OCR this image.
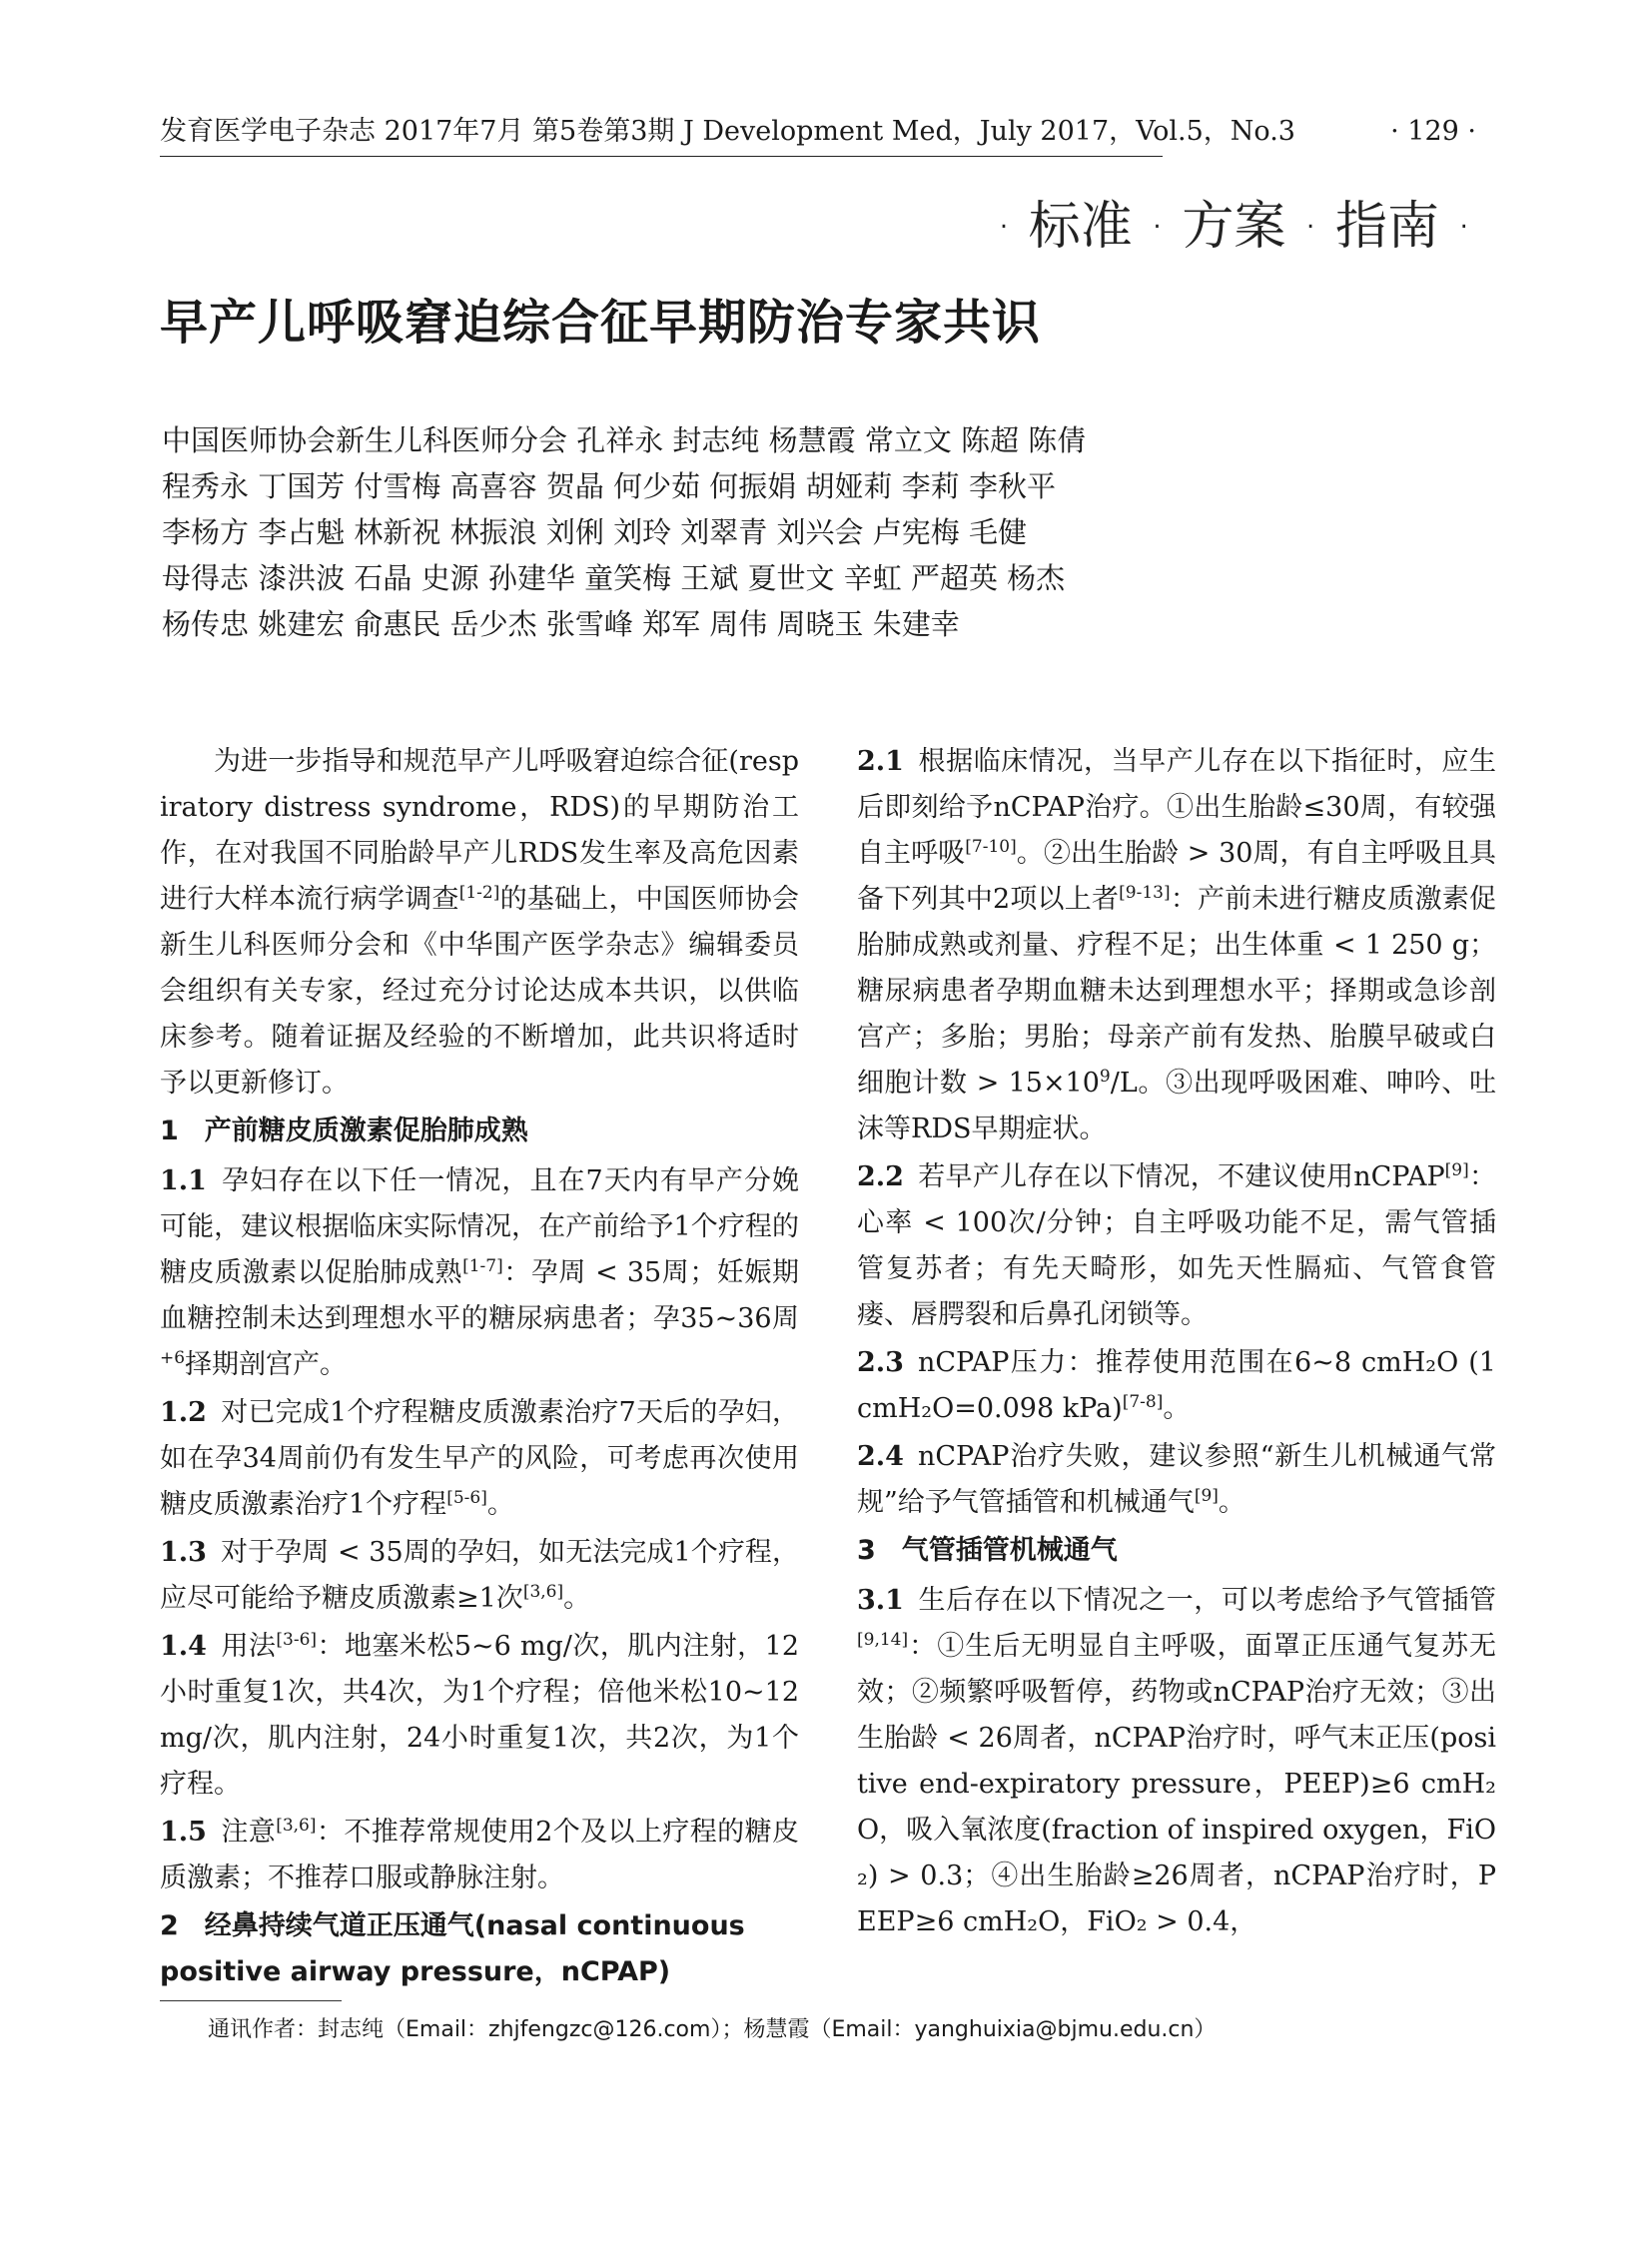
发育医学电子杂志 2017年7月 第5卷第3期 J Development Med，July 2017，Vol.5，No.3	· 129 ·
· 标准 · 方案 · 指南 ·
早产儿呼吸窘迫综合征早期防治专家共识
中国医师协会新生儿科医师分会 孔祥永 封志纯 杨慧霞 常立文 陈超 陈倩
程秀永 丁国芳 付雪梅 高喜容 贺晶 何少茹 何振娟 胡娅莉 李莉 李秋平
李杨方 李占魁 林新祝 林振浪 刘俐 刘玲 刘翠青 刘兴会 卢宪梅 毛健
母得志 漆洪波 石晶 史源 孙建华 童笑梅 王斌 夏世文 辛虹 严超英 杨杰
杨传忠 姚建宏 俞惠民 岳少杰 张雪峰 郑军 周伟 周晓玉 朱建幸

为进一步指导和规范早产儿呼吸窘迫综合征(respiratory distress syndrome，RDS)的早期防治工作，在对我国不同胎龄早产儿RDS发生率及高危因素进行大样本流行病学调查[1-2]的基础上，中国医师协会新生儿科医师分会和《中华围产医学杂志》编辑委员会组织有关专家，经过充分讨论达成本共识，以供临床参考。随着证据及经验的不断增加，此共识将适时予以更新修订。

1 产前糖皮质激素促胎肺成熟

1.1 孕妇存在以下任一情况，且在7天内有早产分娩可能，建议根据临床实际情况，在产前给予1个疗程的糖皮质激素以促胎肺成熟[1-7]：孕周 < 35周；妊娠期血糖控制未达到理想水平的糖尿病患者；孕35~36周$^{+6}$择期剖宫产。

1.2 对已完成1个疗程糖皮质激素治疗7天后的孕妇，如在孕34周前仍有发生早产的风险，可考虑再次使用糖皮质激素治疗1个疗程[5-6]。

1.3 对于孕周 < 35周的孕妇，如无法完成1个疗程，应尽可能给予糖皮质激素≥1次[3,6]。

1.4 用法[3-6]：地塞米松5~6 mg/次，肌内注射，12小时重复1次，共4次，为1个疗程；倍他米松10~12 mg/次，肌内注射，24小时重复1次，共2次，为1个疗程。

1.5 注意[3,6]：不推荐常规使用2个及以上疗程的糖皮质激素；不推荐口服或静脉注射。

2 经鼻持续气道正压通气(nasal continuous positive airway pressure，nCPAP)

2.1 根据临床情况，当早产儿存在以下指征时，应生后即刻给予nCPAP治疗。①出生胎龄≤30周，有较强自主呼吸[7-10]。②出生胎龄 > 30周，有自主呼吸且具备下列其中2项以上者[9-13]：产前未进行糖皮质激素促胎肺成熟或剂量、疗程不足；出生体重 < 1 250 g；糖尿病患者孕期血糖未达到理想水平；择期或急诊剖宫产；多胎；男胎；母亲产前有发热、胎膜早破或白细胞计数 > $15\times 10^9/L$。③出现呼吸困难、呻吟、吐沫等RDS早期症状。

2.2 若早产儿存在以下情况，不建议使用nCPAP[9]：心率 < 100次/分钟；自主呼吸功能不足，需气管插管复苏者；有先天畸形，如先天性膈疝、气管食管瘘、唇腭裂和后鼻孔闭锁等。

2.3 nCPAP压力：推荐使用范围在6~8 cmH₂O (1 cmH₂O=0.098 kPa)[7-8]。

2.4 nCPAP治疗失败，建议参照“新生儿机械通气常规”给予气管插管和机械通气[9]。

3 气管插管机械通气

3.1 生后存在以下情况之一，可以考虑给予气管插管[9,14]：①生后无明显自主呼吸，面罩正压通气复苏无效；②频繁呼吸暂停，药物或nCPAP治疗无效；③出生胎龄 < 26周者，nCPAP治疗时，呼气末正压(positive end-expiratory pressure，PEEP)≥6 cmH₂O，吸入氧浓度(fraction of inspired oxygen，FiO₂) > 0.3；④出生胎龄≥26周者，nCPAP治疗时，PEEP≥6 cmH₂O，FiO₂ > 0.4，

通讯作者：封志纯（Email：zhjfengzc@126.com）；杨慧霞（Email：yanghuixia@bjmu.edu.cn）
